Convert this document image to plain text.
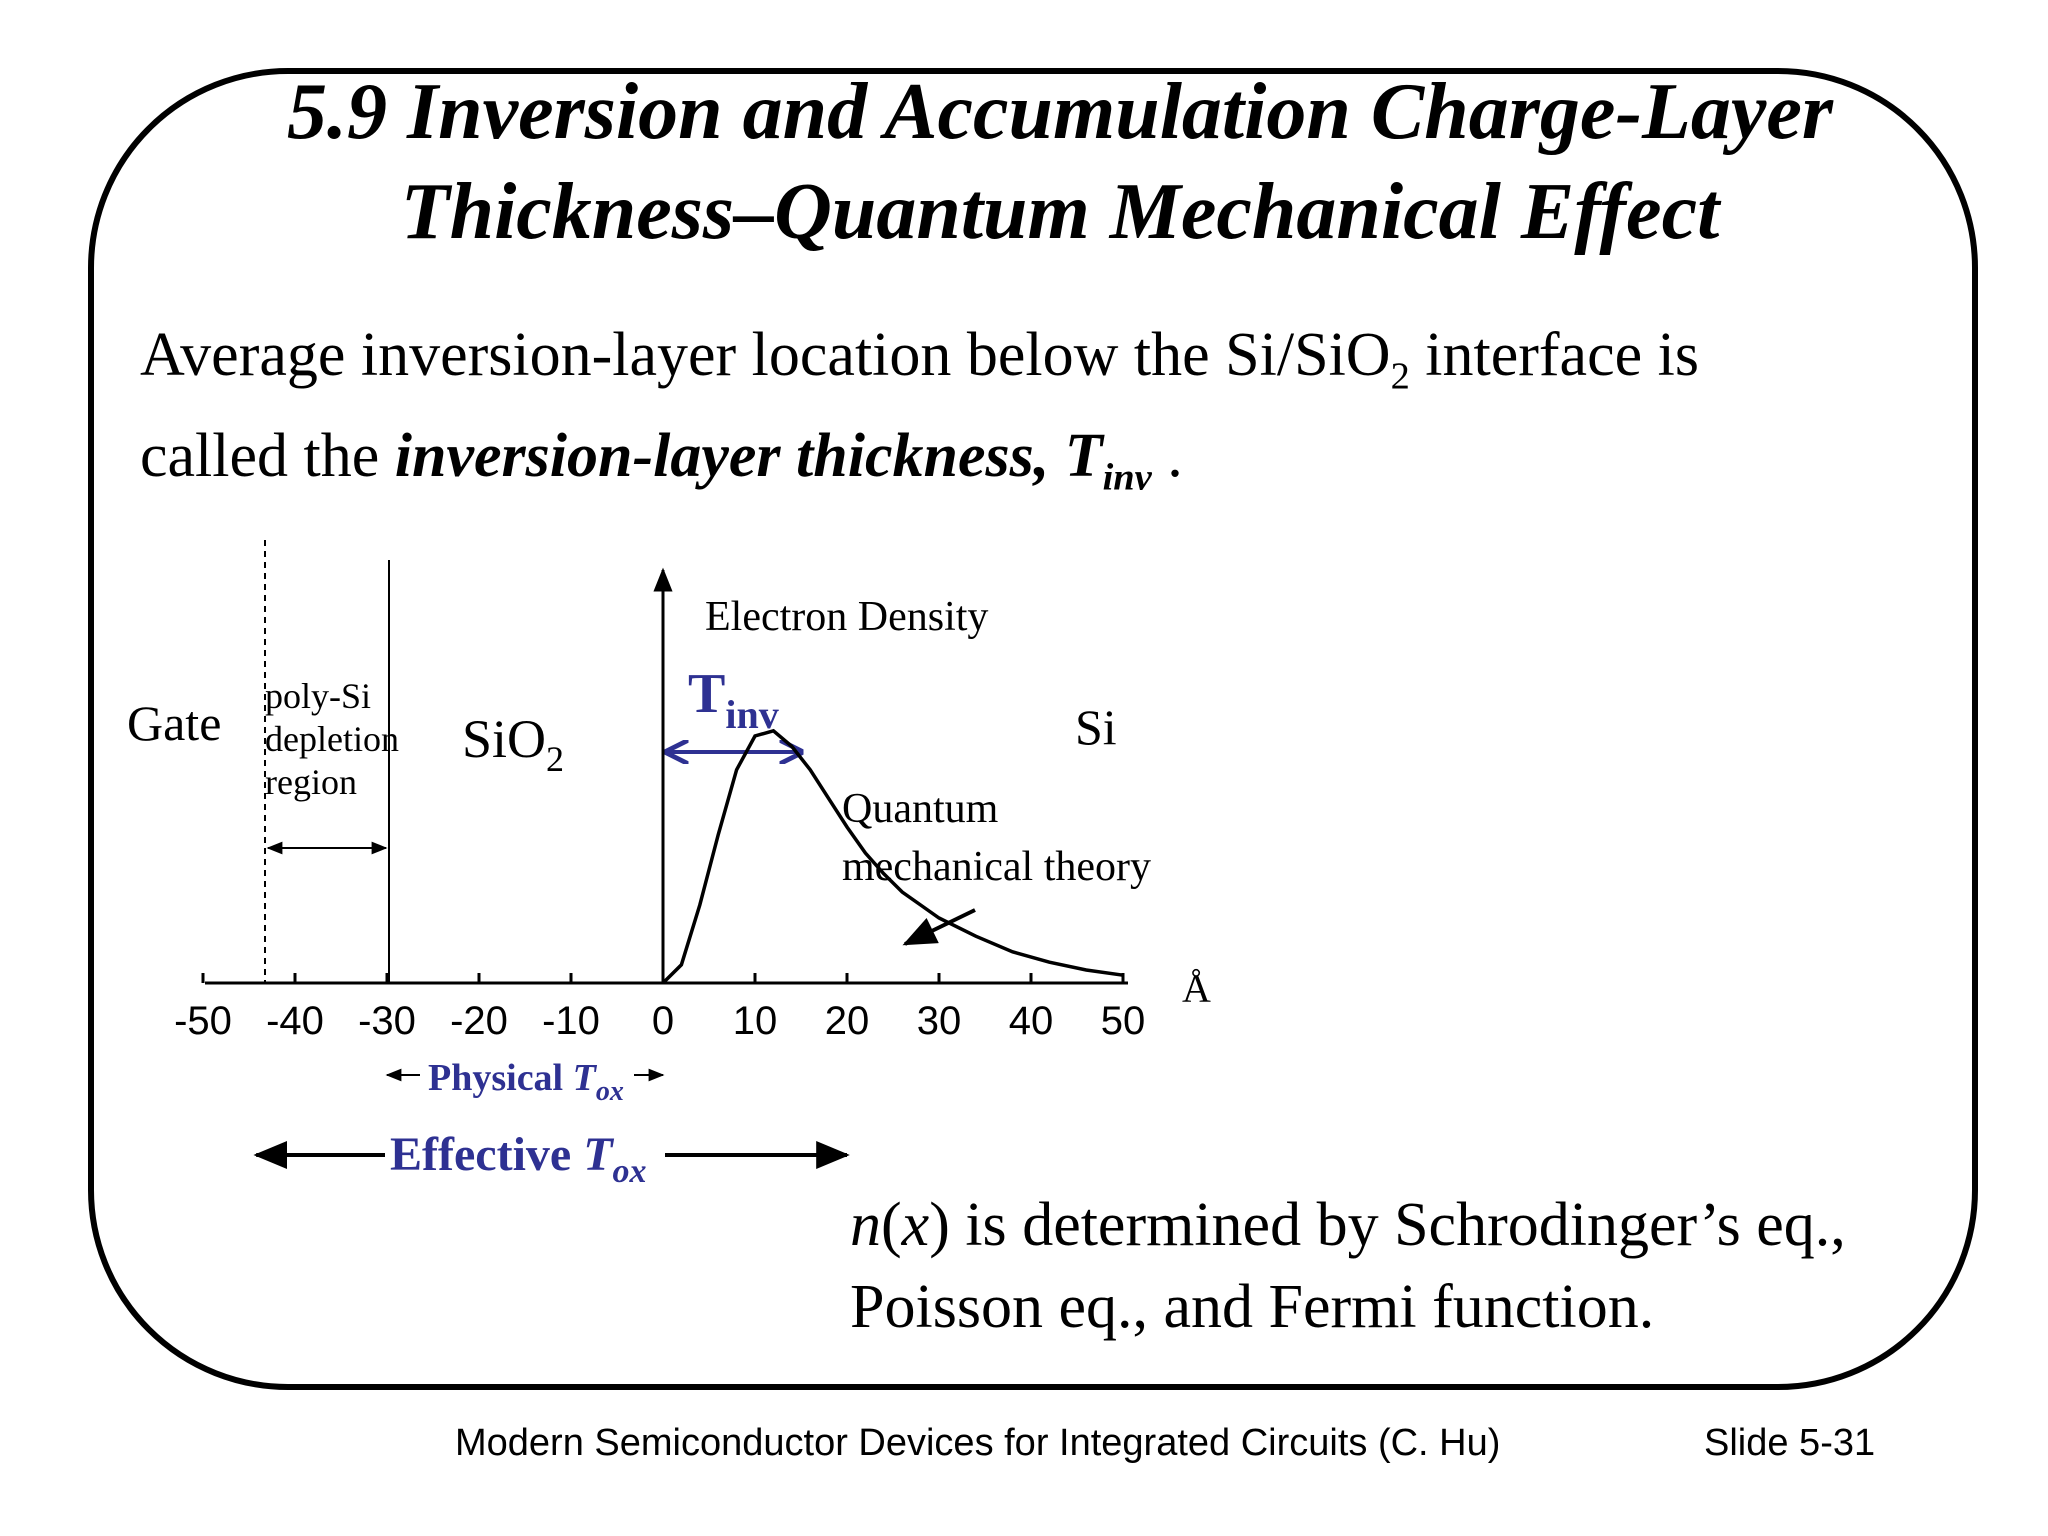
5.9 Inversion and Accumulation Charge-Layer
Thickness–Quantum Mechanical Effect
Average inversion-layer location below the Si/SiO$_2$ interface is
called the inversion-layer thickness, $T_{inv}$ .
-50 -40 -30 -20 -10 0 10 20 30 40 50
Å
Electron Density
Gate poly-Si
depletion
region
SiO$_2$
Si
$T_{inv}$
Quantum
mechanical theory
Physical $T_{ox}$
Effective $T_{ox}$
n(x) is determined by Schrodinger’s eq.,
Poisson eq., and Fermi function.
Modern Semiconductor Devices for Integrated Circuits (C. Hu)	Slide 5-31
